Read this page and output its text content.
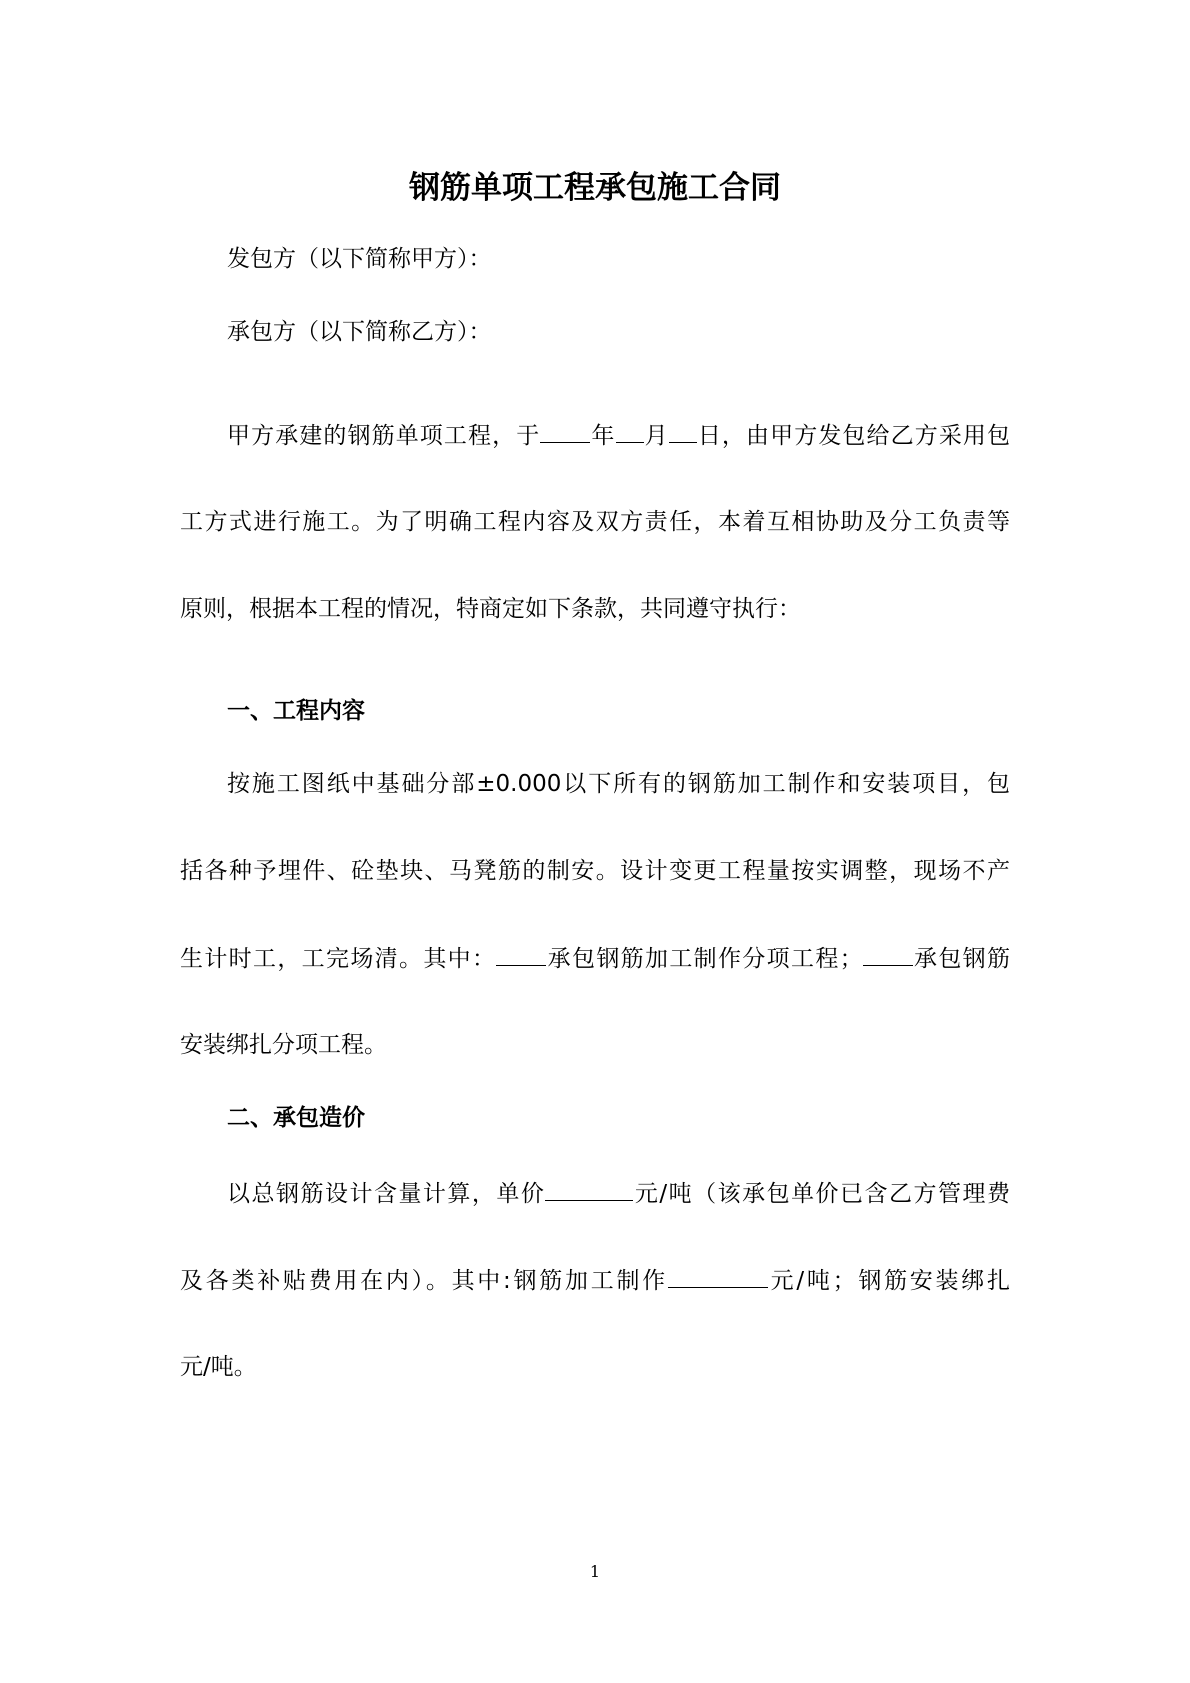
钢筋单项工程承包施工合同
发包方（以下简称甲方）：
承包方（以下简称乙方）：
甲方承建的钢筋单项工程，于 年 月 日，由甲方发包给乙方采用包
工方式进行施工。为了明确工程内容及双方责任，本着互相协助及分工负责等
原则，根据本工程的情况，特商定如下条款，共同遵守执行：
一、工程内容
按施工图纸中基础分部±0.000以下所有的钢筋加工制作和安装项目，包
括各种予埋件、砼垫块、马凳筋的制安。设计变更工程量按实调整，现场不产
生计时工，工完场清。其中： 承包钢筋加工制作分项工程； 承包钢筋
安装绑扎分项工程。
二、承包造价
以总钢筋设计含量计算，单价	元/吨（该承包单价已含乙方管理费
及各类补贴费用在内）。其中:钢筋加工制作	元/吨；钢筋安装绑扎
元/吨。
1
